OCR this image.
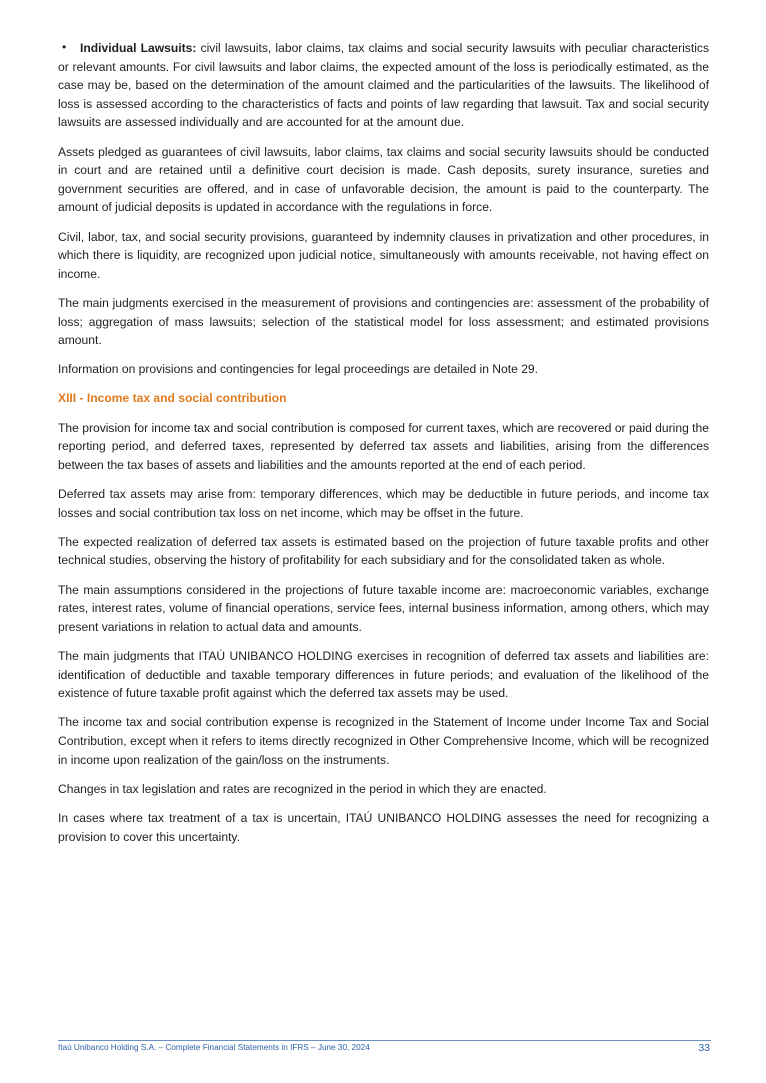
• Individual Lawsuits: civil lawsuits, labor claims, tax claims and social security lawsuits with peculiar characteristics or relevant amounts. For civil lawsuits and labor claims, the expected amount of the loss is periodically estimated, as the case may be, based on the determination of the amount claimed and the particularities of the lawsuits. The likelihood of loss is assessed according to the characteristics of facts and points of law regarding that lawsuit. Tax and social security lawsuits are assessed individually and are accounted for at the amount due.

Assets pledged as guarantees of civil lawsuits, labor claims, tax claims and social security lawsuits should be conducted in court and are retained until a definitive court decision is made. Cash deposits, surety insurance, sureties and government securities are offered, and in case of unfavorable decision, the amount is paid to the counterparty. The amount of judicial deposits is updated in accordance with the regulations in force.

Civil, labor, tax, and social security provisions, guaranteed by indemnity clauses in privatization and other procedures, in which there is liquidity, are recognized upon judicial notice, simultaneously with amounts receivable, not having effect on income.

The main judgments exercised in the measurement of provisions and contingencies are: assessment of the probability of loss; aggregation of mass lawsuits; selection of the statistical model for loss assessment; and estimated provisions amount.

Information on provisions and contingencies for legal proceedings are detailed in Note 29.

XIII - Income tax and social contribution

The provision for income tax and social contribution is composed for current taxes, which are recovered or paid during the reporting period, and deferred taxes, represented by deferred tax assets and liabilities, arising from the differences between the tax bases of assets and liabilities and the amounts reported at the end of each period.

Deferred tax assets may arise from: temporary differences, which may be deductible in future periods, and income tax losses and social contribution tax loss on net income, which may be offset in the future.

The expected realization of deferred tax assets is estimated based on the projection of future taxable profits and other technical studies, observing the history of profitability for each subsidiary and for the consolidated taken as whole.

The main assumptions considered in the projections of future taxable income are: macroeconomic variables, exchange rates, interest rates, volume of financial operations, service fees, internal business information, among others, which may present variations in relation to actual data and amounts.

The main judgments that ITAÚ UNIBANCO HOLDING exercises in recognition of deferred tax assets and liabilities are: identification of deductible and taxable temporary differences in future periods; and evaluation of the likelihood of the existence of future taxable profit against which the deferred tax assets may be used.

The income tax and social contribution expense is recognized in the Statement of Income under Income Tax and Social Contribution, except when it refers to items directly recognized in Other Comprehensive Income, which will be recognized in income upon realization of the gain/loss on the instruments.

Changes in tax legislation and rates are recognized in the period in which they are enacted.

In cases where tax treatment of a tax is uncertain, ITAÚ UNIBANCO HOLDING assesses the need for recognizing a provision to cover this uncertainty.

Itaú Unibanco Holding S.A. – Complete Financial Statements in IFRS – June 30, 2024	33
